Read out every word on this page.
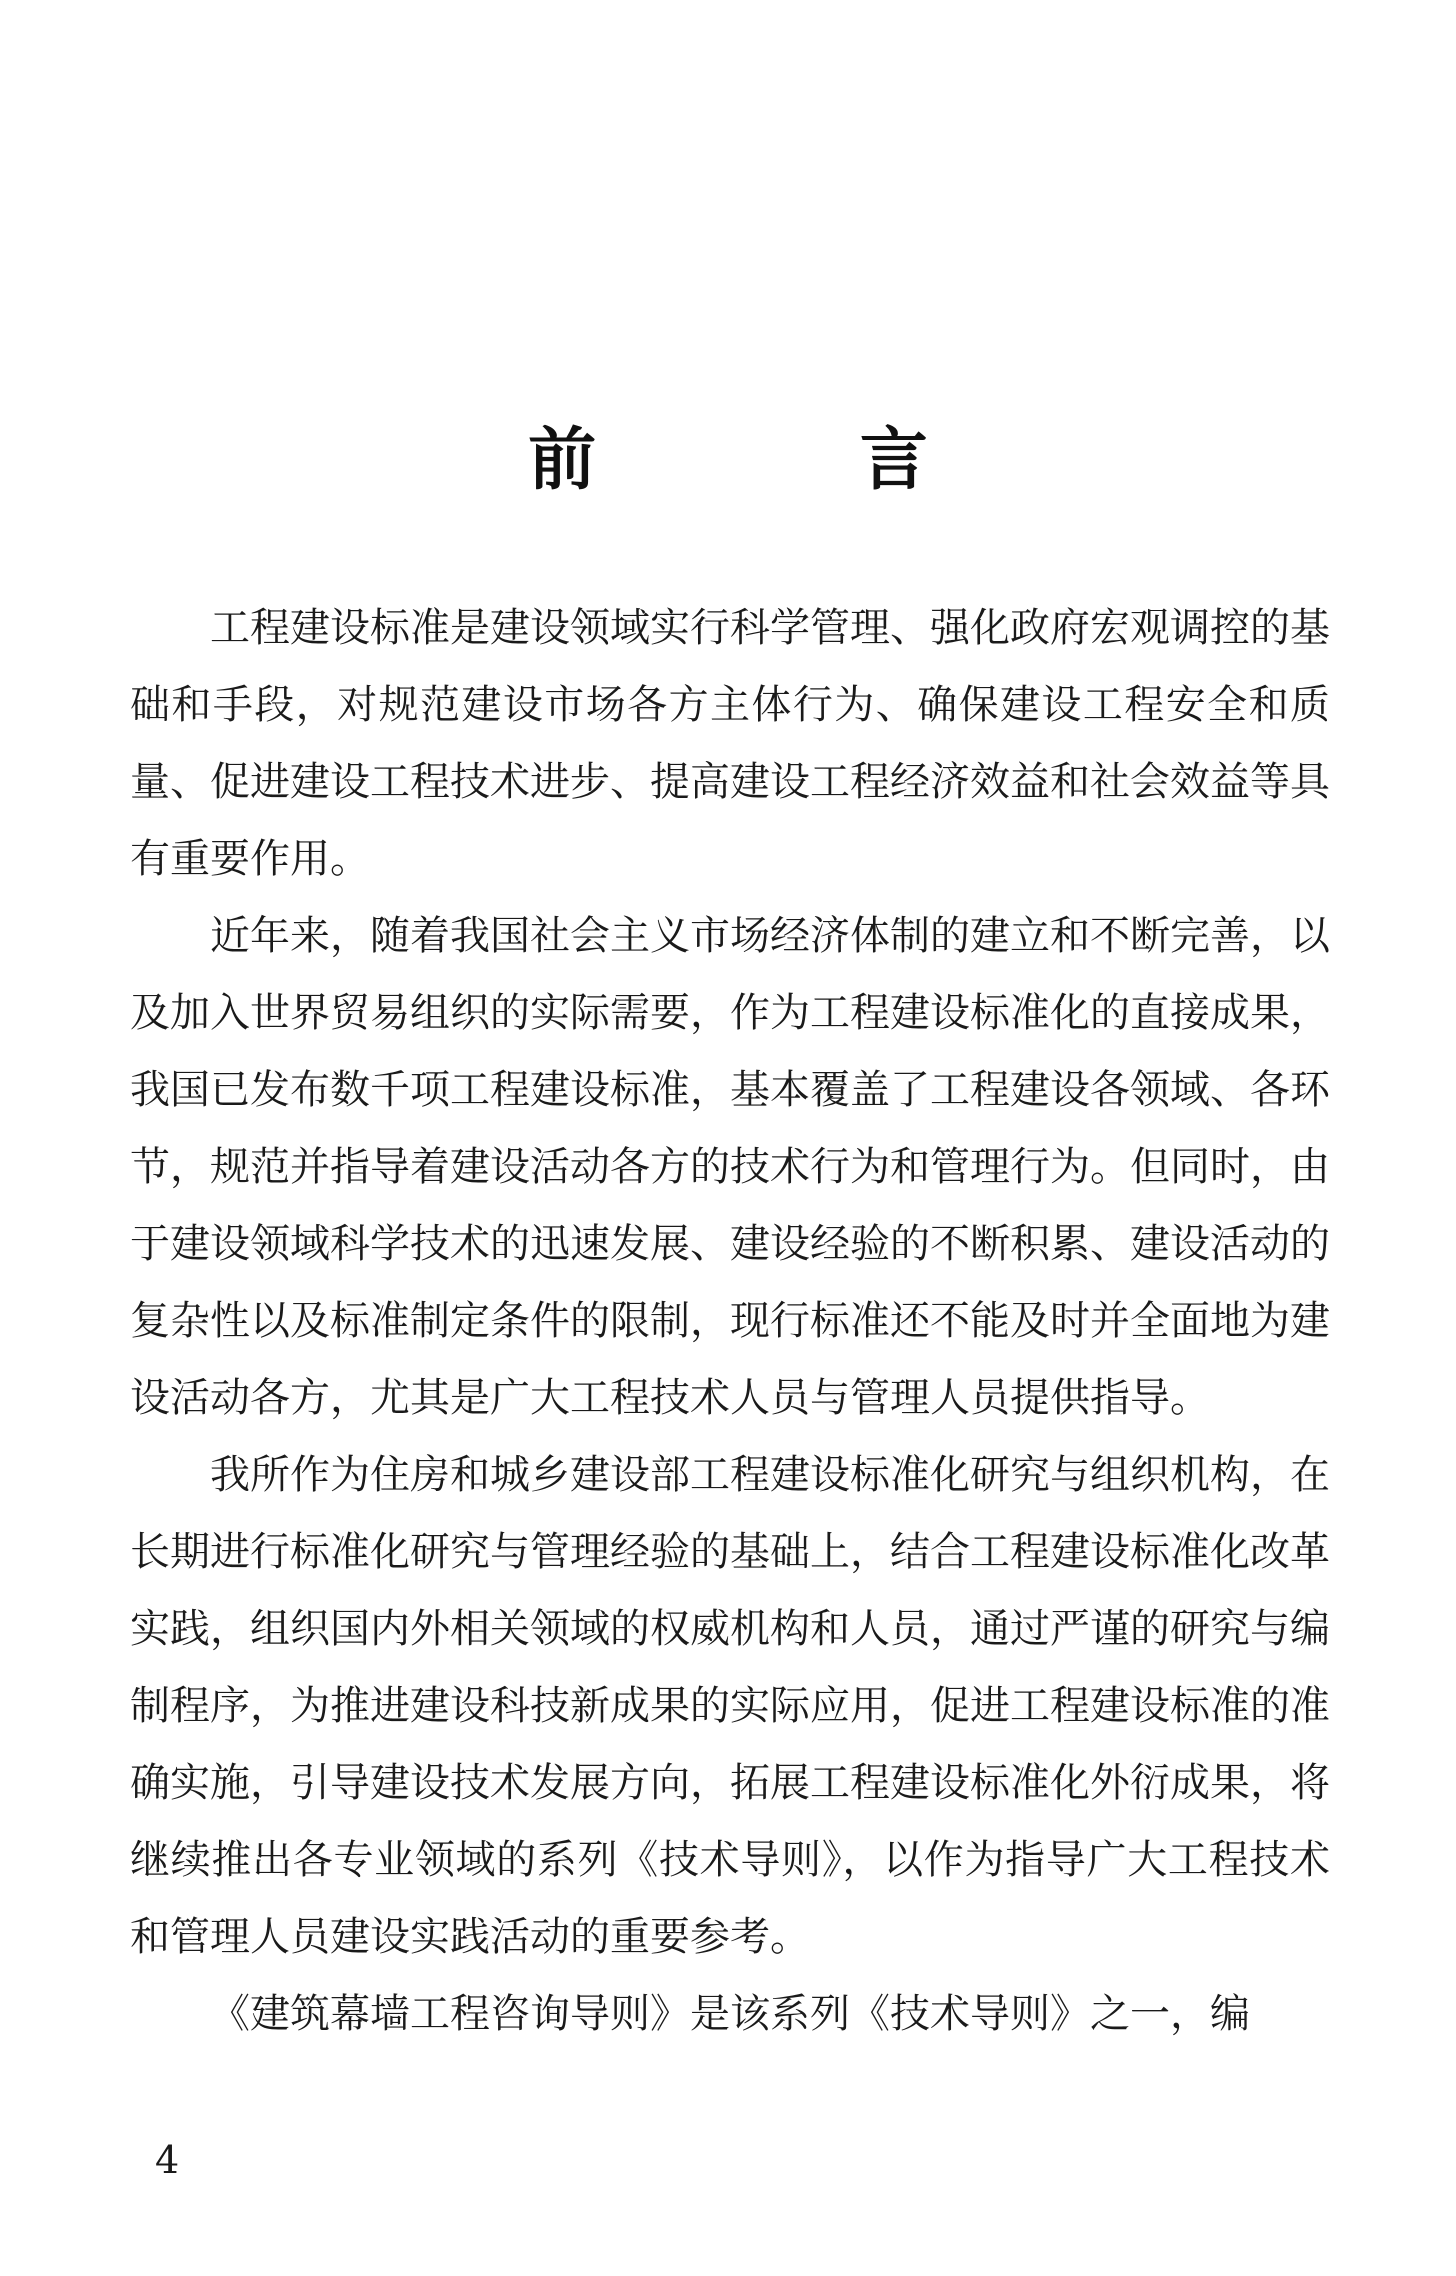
前 言

工程建设标准是建设领域实行科学管理、强化政府宏观调控的基础和手段，对规范建设市场各方主体行为、确保建设工程安全和质量、促进建设工程技术进步、提高建设工程经济效益和社会效益等具有重要作用。

近年来，随着我国社会主义市场经济体制的建立和不断完善，以及加入世界贸易组织的实际需要，作为工程建设标准化的直接成果，我国已发布数千项工程建设标准，基本覆盖了工程建设各领域、各环节，规范并指导着建设活动各方的技术行为和管理行为。但同时，由于建设领域科学技术的迅速发展、建设经验的不断积累、建设活动的复杂性以及标准制定条件的限制，现行标准还不能及时并全面地为建设活动各方，尤其是广大工程技术人员与管理人员提供指导。

我所作为住房和城乡建设部工程建设标准化研究与组织机构，在长期进行标准化研究与管理经验的基础上，结合工程建设标准化改革实践，组织国内外相关领域的权威机构和人员，通过严谨的研究与编制程序，为推进建设科技新成果的实际应用，促进工程建设标准的准确实施，引导建设技术发展方向，拓展工程建设标准化外衍成果，将继续推出各专业领域的系列《技术导则》，以作为指导广大工程技术和管理人员建设实践活动的重要参考。

《建筑幕墙工程咨询导则》是该系列《技术导则》之一，编

4
